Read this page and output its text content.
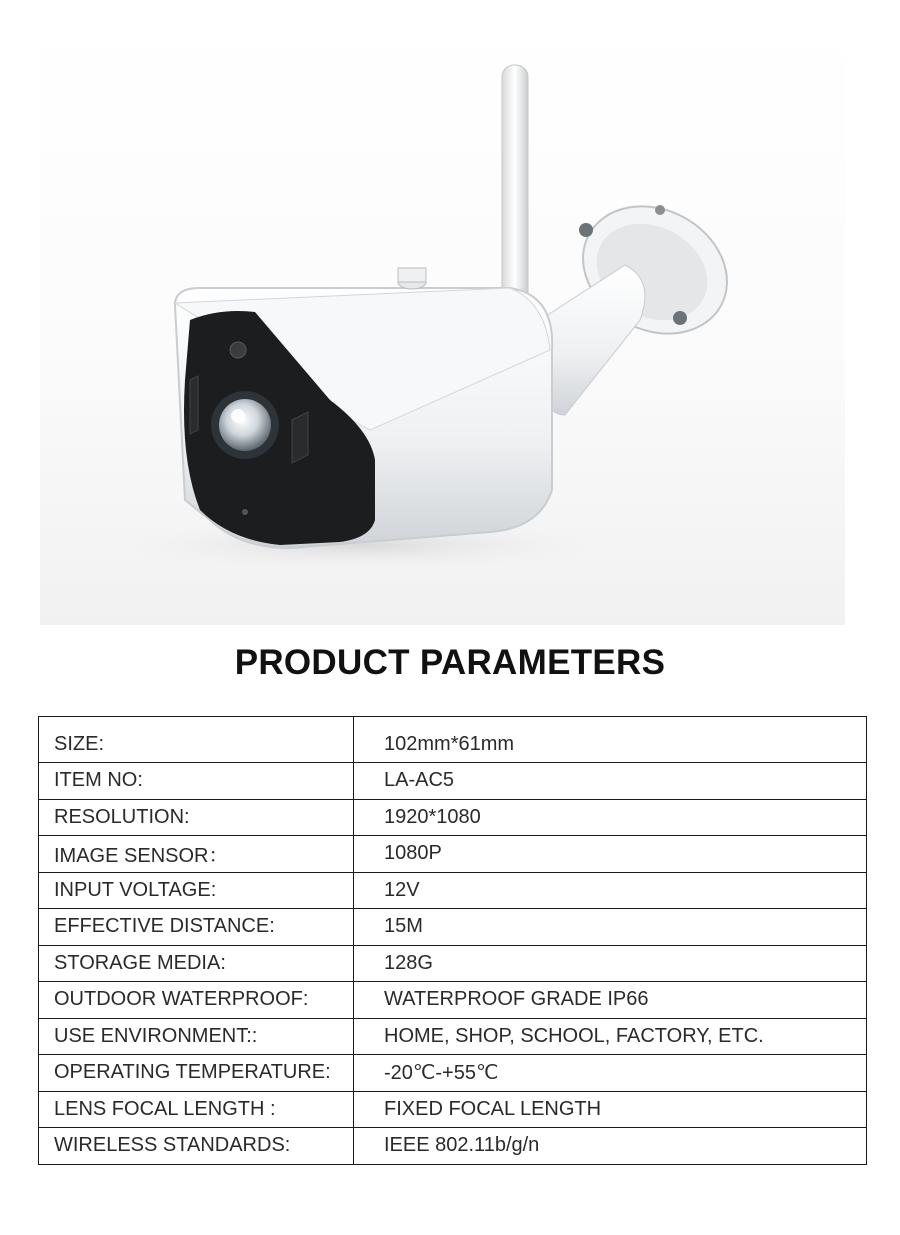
PRODUCT PARAMETERS
SIZE:	102mm*61mm
ITEM NO:	LA-AC5
RESOLUTION:	1920*1080
IMAGE SENSOR：	1080P
INPUT VOLTAGE:	12V
EFFECTIVE DISTANCE:	15M
STORAGE MEDIA:	128G
OUTDOOR WATERPROOF:	WATERPROOF GRADE IP66
USE ENVIRONMENT::	HOME, SHOP, SCHOOL, FACTORY, ETC.
OPERATING TEMPERATURE:	-20℃-+55℃
LENS FOCAL LENGTH :	FIXED FOCAL LENGTH
WIRELESS STANDARDS:	IEEE 802.11b/g/n
